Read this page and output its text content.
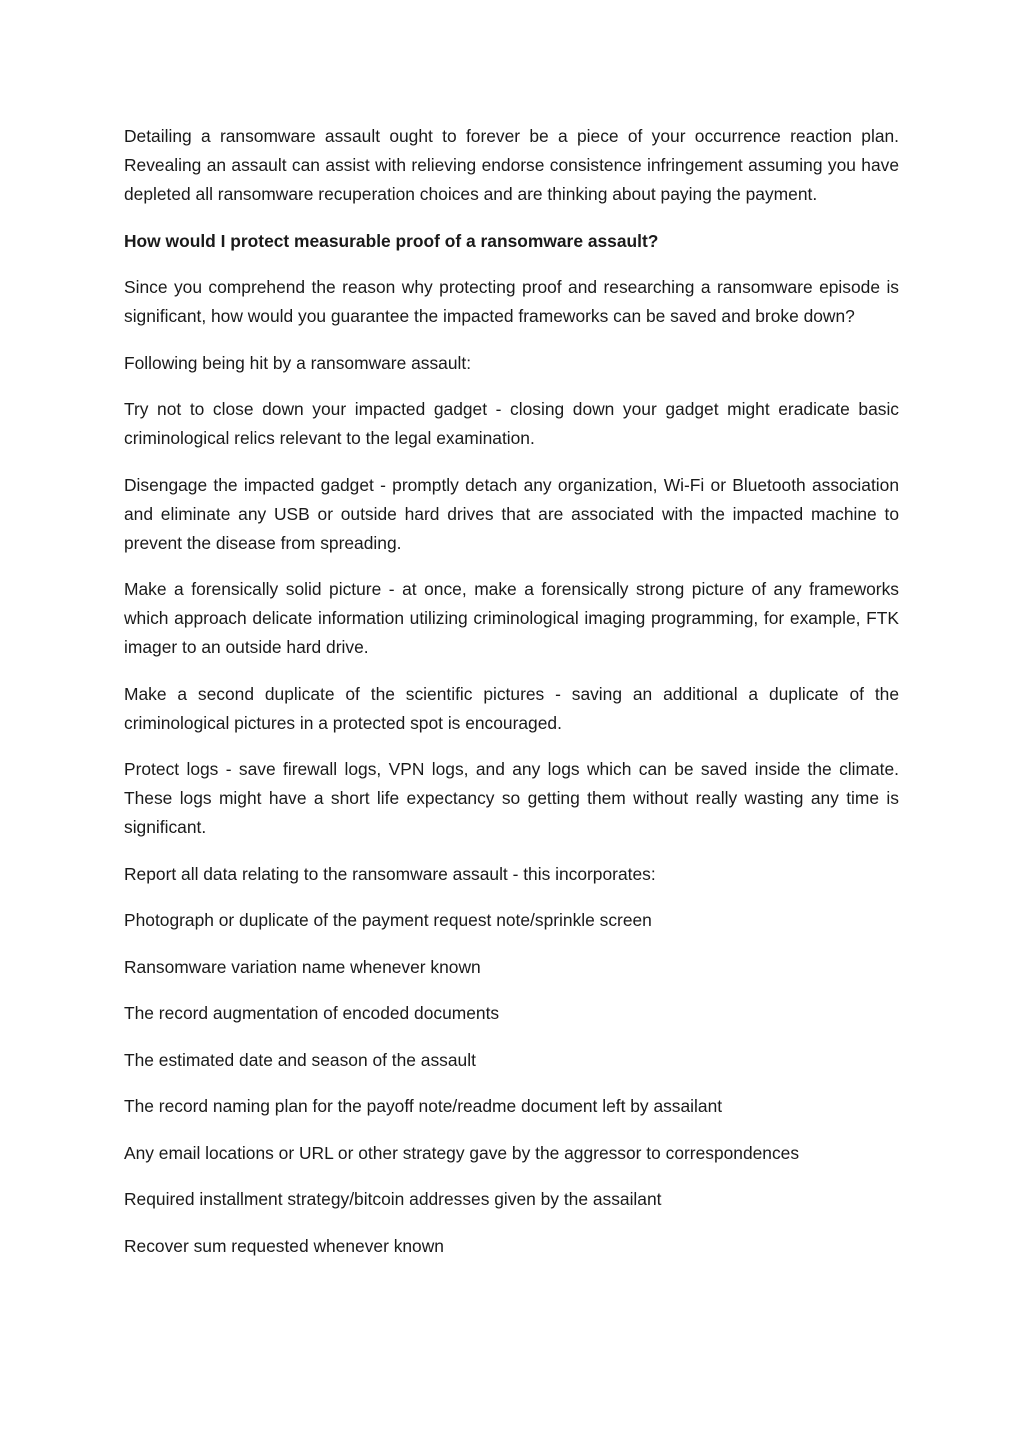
Detailing a ransomware assault ought to forever be a piece of your occurrence reaction plan. Revealing an assault can assist with relieving endorse consistence infringement assuming you have depleted all ransomware recuperation choices and are thinking about paying the payment.

How would I protect measurable proof of a ransomware assault?

Since you comprehend the reason why protecting proof and researching a ransomware episode is significant, how would you guarantee the impacted frameworks can be saved and broke down?

Following being hit by a ransomware assault:

Try not to close down your impacted gadget - closing down your gadget might eradicate basic criminological relics relevant to the legal examination.

Disengage the impacted gadget - promptly detach any organization, Wi-Fi or Bluetooth association and eliminate any USB or outside hard drives that are associated with the impacted machine to prevent the disease from spreading.

Make a forensically solid picture - at once, make a forensically strong picture of any frameworks which approach delicate information utilizing criminological imaging programming, for example, FTK imager to an outside hard drive.

Make a second duplicate of the scientific pictures - saving an additional a duplicate of the criminological pictures in a protected spot is encouraged.

Protect logs - save firewall logs, VPN logs, and any logs which can be saved inside the climate. These logs might have a short life expectancy so getting them without really wasting any time is significant.

Report all data relating to the ransomware assault - this incorporates:

Photograph or duplicate of the payment request note/sprinkle screen

Ransomware variation name whenever known

The record augmentation of encoded documents

The estimated date and season of the assault

The record naming plan for the payoff note/readme document left by assailant

Any email locations or URL or other strategy gave by the aggressor to correspondences

Required installment strategy/bitcoin addresses given by the assailant

Recover sum requested whenever known
